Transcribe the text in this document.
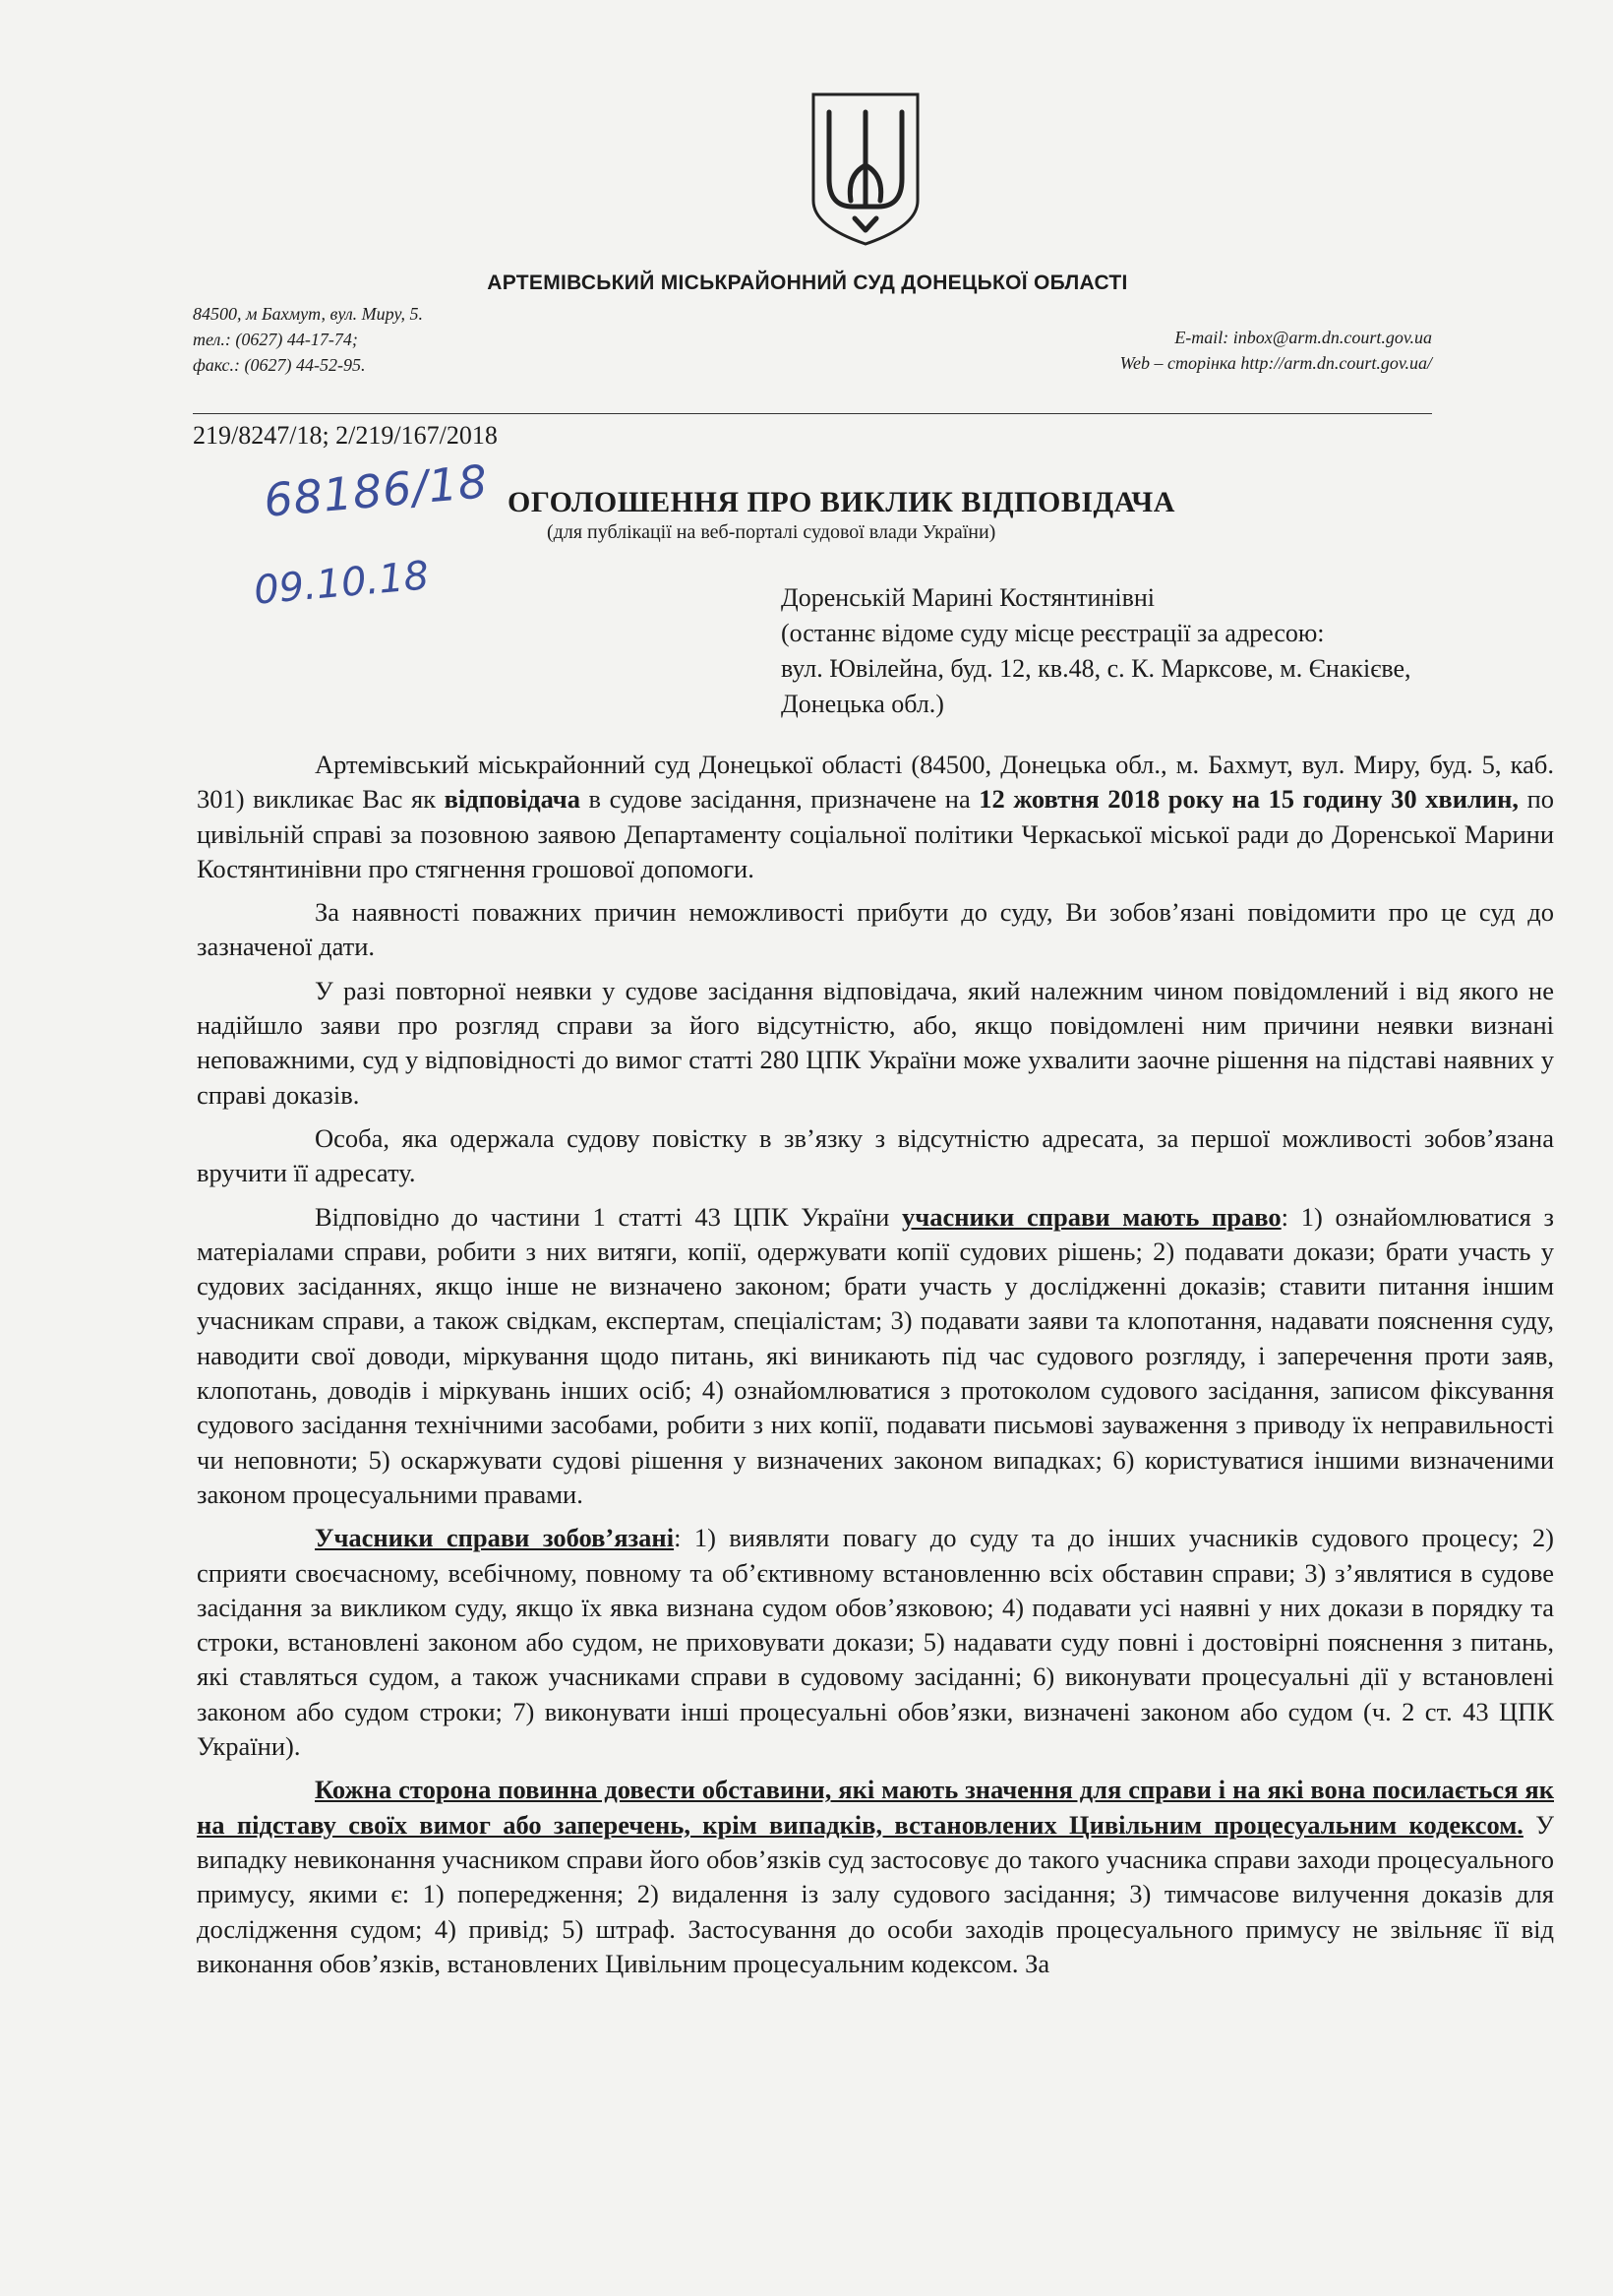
АРТЕМІВСЬКИЙ МІСЬКРАЙОННИЙ СУД ДОНЕЦЬКОЇ ОБЛАСТІ
84500, м Бахмут, вул. Миру, 5.
тел.: (0627) 44-17-74;
факс.: (0627) 44-52-95.
E-mail: inbox@arm.dn.court.gov.ua
Web – сторінка http://arm.dn.court.gov.ua/
219/8247/18; 2/219/167/2018
68186/18
09.10.18
ОГОЛОШЕННЯ ПРО ВИКЛИК ВІДПОВІДАЧА
(для публікації на веб-порталі судової влади України)
Доренській Марині Костянтинівні
(останнє відоме суду місце реєстрації за адресою:
вул. Ювілейна, буд. 12, кв.48, с. К. Марксове, м. Єнакієве,
Донецька обл.)

Артемівський міськрайонний суд Донецької області (84500, Донецька обл., м. Бахмут, вул. Миру, буд. 5, каб. 301) викликає Вас як відповідача в судове засідання, призначене на 12 жовтня 2018 року на 15 годину 30 хвилин, по цивільній справі за позовною заявою Департаменту соціальної політики Черкаської міської ради до Доренської Марини Костянтинівни про стягнення грошової допомоги.

За наявності поважних причин неможливості прибути до суду, Ви зобов’язані повідомити про це суд до зазначеної дати.

У разі повторної неявки у судове засідання відповідача, який належним чином повідомлений і від якого не надійшло заяви про розгляд справи за його відсутністю, або, якщо повідомлені ним причини неявки визнані неповажними, суд у відповідності до вимог статті 280 ЦПК України може ухвалити заочне рішення на підставі наявних у справі доказів.

Особа, яка одержала судову повістку в зв’язку з відсутністю адресата, за першої можливості зобов’язана вручити її адресату.

Відповідно до частини 1 статті 43 ЦПК України учасники справи мають право: 1) ознайомлюватися з матеріалами справи, робити з них витяги, копії, одержувати копії судових рішень; 2) подавати докази; брати участь у судових засіданнях, якщо інше не визначено законом; брати участь у дослідженні доказів; ставити питання іншим учасникам справи, а також свідкам, експертам, спеціалістам; 3) подавати заяви та клопотання, надавати пояснення суду, наводити свої доводи, міркування щодо питань, які виникають під час судового розгляду, і заперечення проти заяв, клопотань, доводів і міркувань інших осіб; 4) ознайомлюватися з протоколом судового засідання, записом фіксування судового засідання технічними засобами, робити з них копії, подавати письмові зауваження з приводу їх неправильності чи неповноти; 5) оскаржувати судові рішення у визначених законом випадках; 6) користуватися іншими визначеними законом процесуальними правами.

Учасники справи зобов’язані: 1) виявляти повагу до суду та до інших учасників судового процесу; 2) сприяти своєчасному, всебічному, повному та об’єктивному встановленню всіх обставин справи; 3) з’являтися в судове засідання за викликом суду, якщо їх явка визнана судом обов’язковою; 4) подавати усі наявні у них докази в порядку та строки, встановлені законом або судом, не приховувати докази; 5) надавати суду повні і достовірні пояснення з питань, які ставляться судом, а також учасниками справи в судовому засіданні; 6) виконувати процесуальні дії у встановлені законом або судом строки; 7) виконувати інші процесуальні обов’язки, визначені законом або судом (ч. 2 ст. 43 ЦПК України).

Кожна сторона повинна довести обставини, які мають значення для справи і на які вона посилається як на підставу своїх вимог або заперечень, крім випадків, встановлених Цивільним процесуальним кодексом. У випадку невиконання учасником справи його обов’язків суд застосовує до такого учасника справи заходи процесуального примусу, якими є: 1) попередження; 2) видалення із залу судового засідання; 3) тимчасове вилучення доказів для дослідження судом; 4) привід; 5) штраф. Застосування до особи заходів процесуального примусу не звільняє її від виконання обов’язків, встановлених Цивільним процесуальним кодексом. За
